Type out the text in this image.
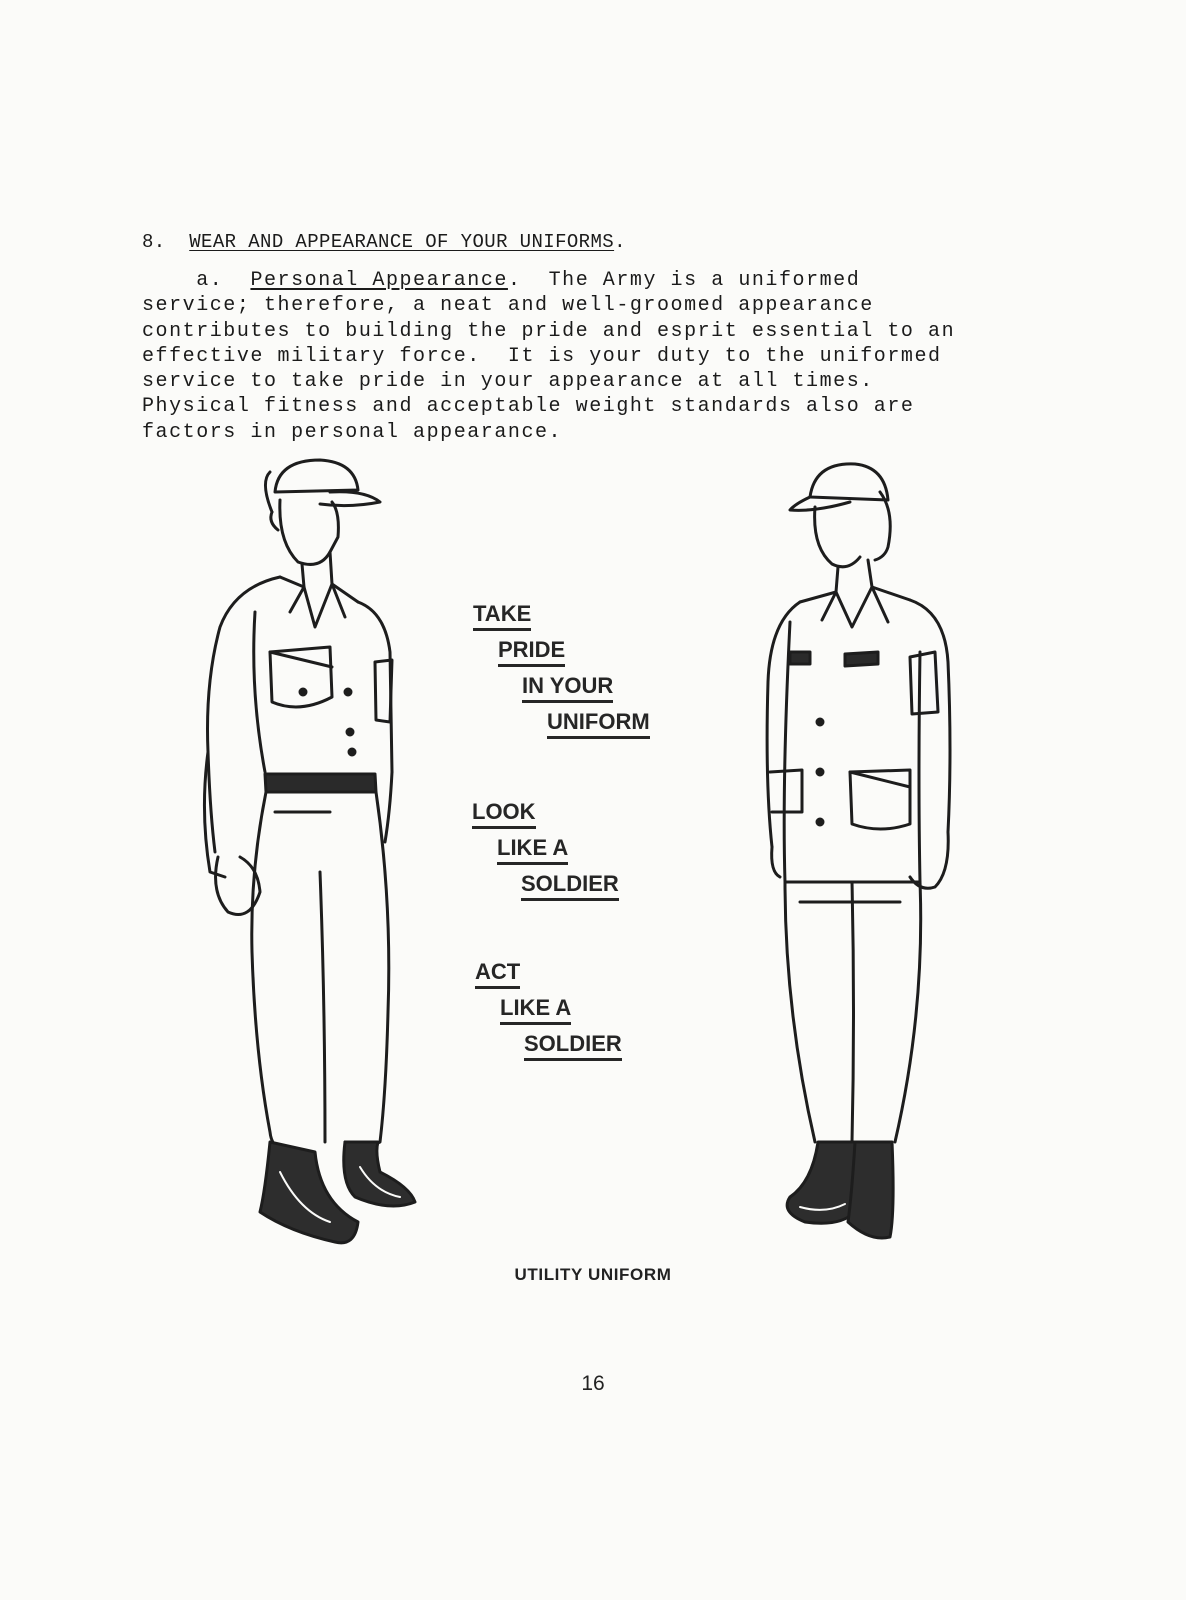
8. WEAR AND APPEARANCE OF YOUR UNIFORMS.
a. Personal Appearance.  The Army is a uniformed
service; therefore, a neat and well-groomed appearance
contributes to building the pride and esprit essential to an
effective military force.  It is your duty to the uniformed
service to take pride in your appearance at all times.
Physical fitness and acceptable weight standards also are
factors in personal appearance.
TAKE
PRIDE
IN YOUR
UNIFORM
LOOK
LIKE A
SOLDIER
ACT
LIKE A
SOLDIER
UTILITY UNIFORM
16
